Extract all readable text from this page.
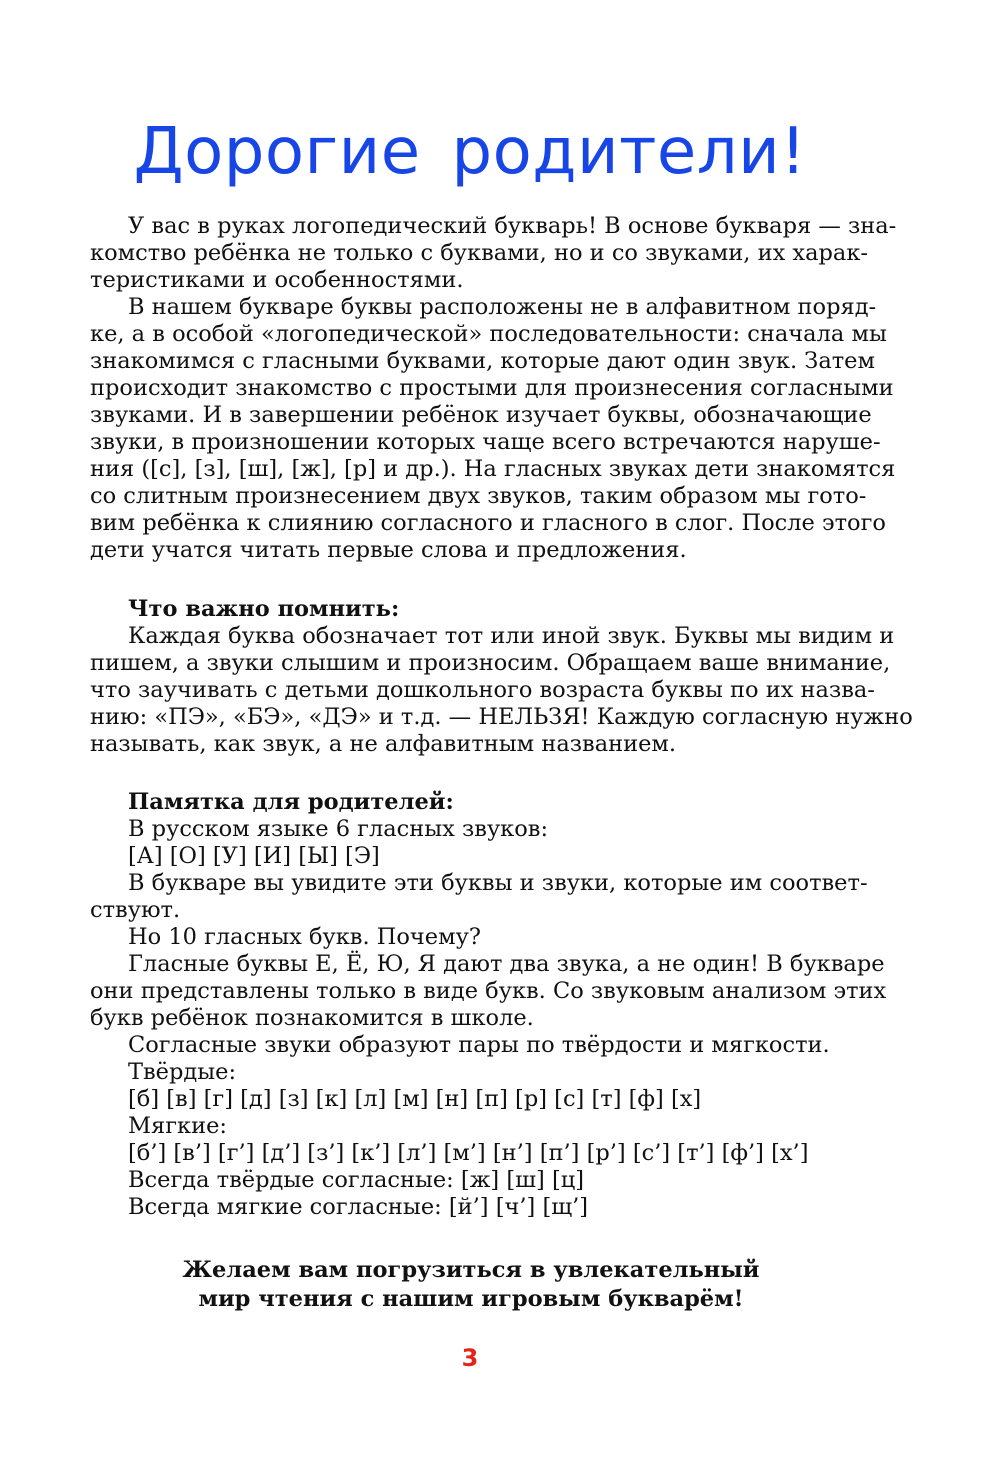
Дорогие родители!
У вас в руках логопедический букварь! В основе букваря — зна-
комство ребёнка не только с буквами, но и со звуками, их харак-
теристиками и особенностями.
В нашем букваре буквы расположены не в алфавитном поряд-
ке, а в особой «логопедической» последовательности: сначала мы
знакомимся с гласными буквами, которые дают один звук. Затем
происходит знакомство с простыми для произнесения согласными
звуками. И в завершении ребёнок изучает буквы, обозначающие
звуки, в произношении которых чаще всего встречаются наруше-
ния ([с], [з], [ш], [ж], [р] и др.). На гласных звуках дети знакомятся
со слитным произнесением двух звуков, таким образом мы гото-
вим ребёнка к слиянию согласного и гласного в слог. После этого
дети учатся читать первые слова и предложения.
Что важно помнить:
Каждая буква обозначает тот или иной звук. Буквы мы видим и
пишем, а звуки слышим и произносим. Обращаем ваше внимание,
что заучивать с детьми дошкольного возраста буквы по их назва-
нию: «ПЭ», «БЭ», «ДЭ» и т.д. — НЕЛЬЗЯ! Каждую согласную нужно
называть, как звук, а не алфавитным названием.
Памятка для родителей:
В русском языке 6 гласных звуков:
[А] [О] [У] [И] [Ы] [Э]
В букваре вы увидите эти буквы и звуки, которые им соответ-
ствуют.
Но 10 гласных букв. Почему?
Гласные буквы Е, Ё, Ю, Я дают два звука, а не один! В букваре
они представлены только в виде букв. Со звуковым анализом этих
букв ребёнок познакомится в школе.
Согласные звуки образуют пары по твёрдости и мягкости.
Твёрдые:
[б] [в] [г] [д] [з] [к] [л] [м] [н] [п] [р] [с] [т] [ф] [х]
Мягкие:
[б’] [в’] [г’] [д’] [з’] [к’] [л’] [м’] [н’] [п’] [р’] [с’] [т’] [ф’] [х’]
Всегда твёрдые согласные: [ж] [ш] [ц]
Всегда мягкие согласные: [й’] [ч’] [щ’]
Желаем вам погрузиться в увлекательный
мир чтения с нашим игровым букварём!
3
